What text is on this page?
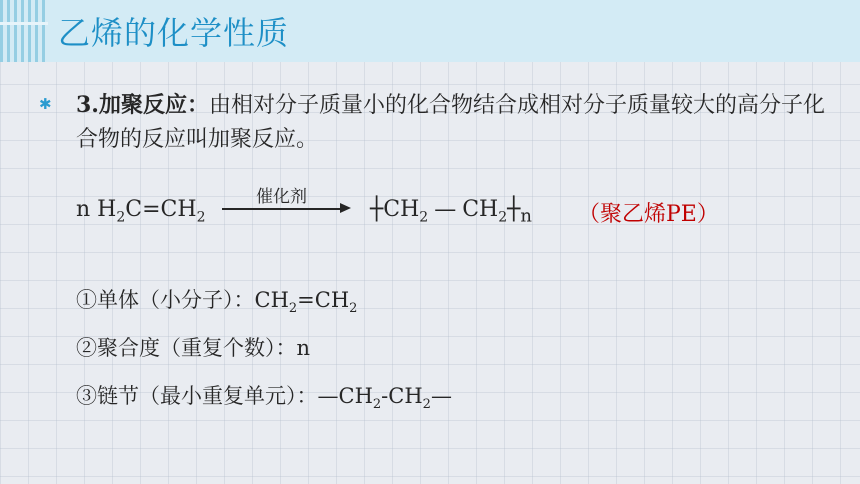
乙烯的化学性质
✱ 3.加聚反应：由相对分子质量小的化合物结合成相对分子质量较大的高分子化合物的反应叫加聚反应。
n $H_2C=CH_2$
催化剂	$┼CH_2$ — $CH_2┼_n$ （聚乙烯PE）
①单体（小分子）：$CH_2=CH_2$
②聚合度（重复个数）：n
③链节（最小重复单元）：$—CH_2-CH_2—$
